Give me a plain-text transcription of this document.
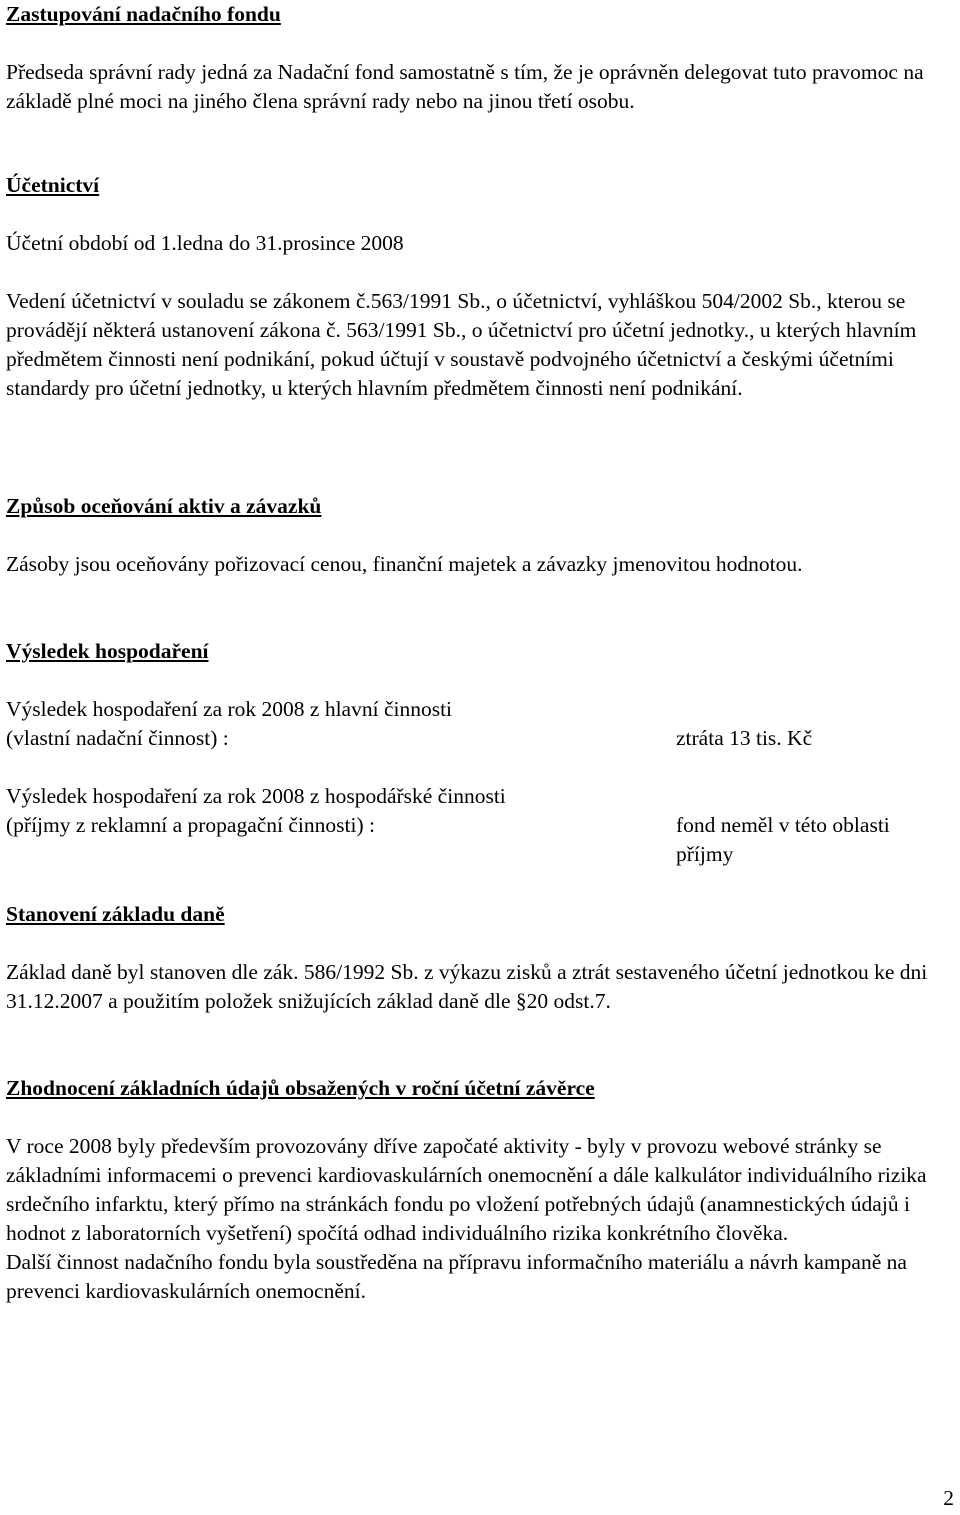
Zastupování nadačního fondu

Předseda správní rady jedná za Nadační fond samostatně s tím, že je oprávněn delegovat tuto pravomoc na základě plné moci na jiného člena správní rady nebo na jinou třetí osobu.

Účetnictví

Účetní období od 1.ledna do 31.prosince 2008

Vedení účetnictví v souladu se zákonem č.563/1991 Sb., o účetnictví, vyhláškou 504/2002 Sb., kterou se provádějí některá ustanovení zákona č. 563/1991 Sb., o účetnictví pro účetní jednotky., u kterých hlavním předmětem činnosti není podnikání, pokud účtují v soustavě podvojného účetnictví a českými účetními standardy pro účetní jednotky, u kterých hlavním předmětem činnosti není podnikání.

Způsob oceňování aktiv a závazků

Zásoby jsou oceňovány pořizovací cenou, finanční majetek a závazky jmenovitou hodnotou.

Výsledek hospodaření

Výsledek hospodaření za rok 2008 z hlavní činnosti

(vlastní nadační činnost) :	ztráta 13 tis. Kč

Výsledek hospodaření za rok 2008 z hospodářské činnosti

(příjmy z reklamní a propagační činnosti) :	fond neměl v této oblasti

příjmy

Stanovení základu daně

Základ daně byl stanoven dle zák. 586/1992 Sb. z výkazu zisků a ztrát sestaveného účetní jednotkou ke dni 31.12.2007 a použitím položek snižujících základ daně dle §20 odst.7.

Zhodnocení základních údajů obsažených v roční účetní závěrce

V roce 2008 byly především provozovány dříve započaté aktivity - byly v provozu webové stránky se základními informacemi o prevenci kardiovaskulárních onemocnění a dále kalkulátor individuálního rizika srdečního infarktu, který přímo na stránkách fondu po vložení potřebných údajů (anamnestických údajů i hodnot z laboratorních vyšetření) spočítá odhad individuálního rizika konkrétního člověka.

Další činnost nadačního fondu byla soustředěna na přípravu informačního materiálu a návrh kampaně na prevenci kardiovaskulárních onemocnění.

2
